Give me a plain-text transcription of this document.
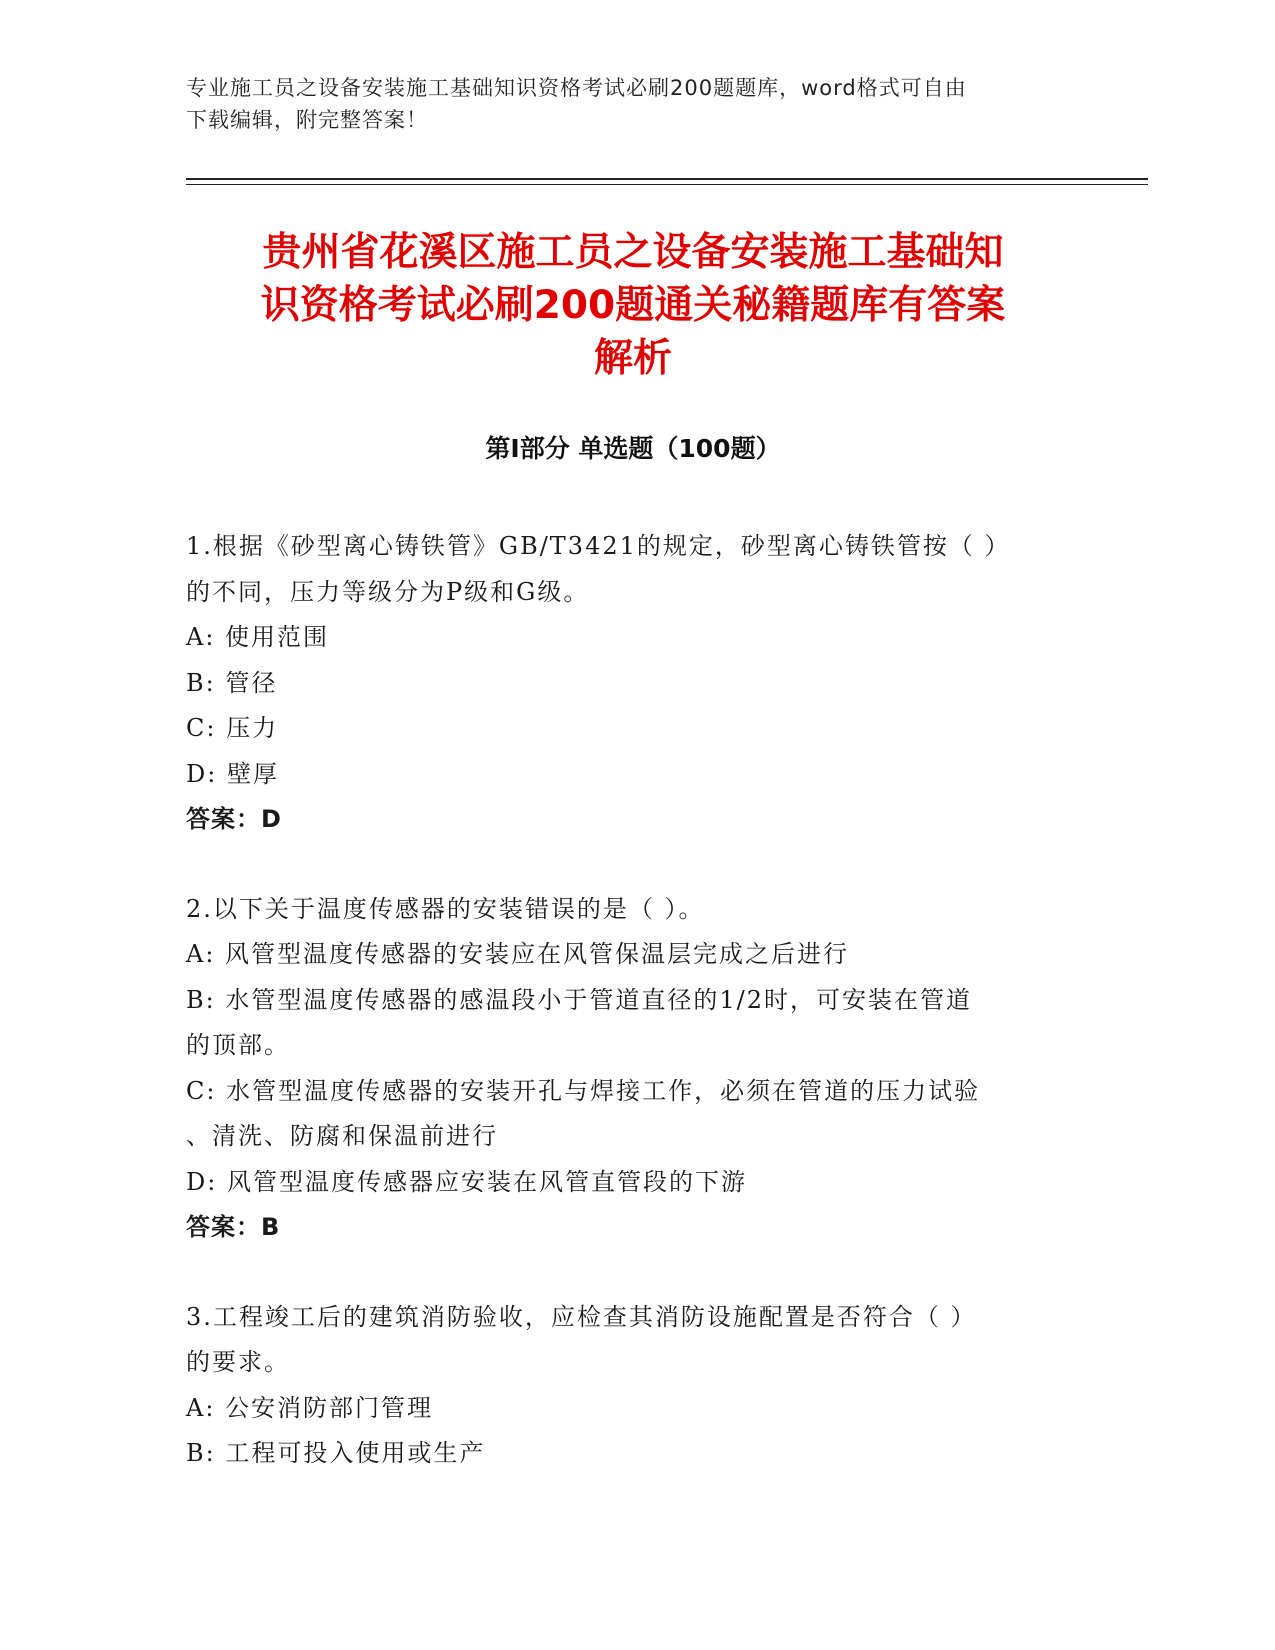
专业施工员之设备安装施工基础知识资格考试必刷200题题库，word格式可自由
下载编辑，附完整答案！
贵州省花溪区施工员之设备安装施工基础知
识资格考试必刷200题通关秘籍题库有答案
解析
第I部分 单选题（100题）

1.根据《砂型离心铸铁管》GB/T3421的规定，砂型离心铸铁管按（ ）

的不同，压力等级分为P级和G级。

A: 使用范围

B: 管径

C: 压力

D: 壁厚

答案：D

2.以下关于温度传感器的安装错误的是（ ）。

A: 风管型温度传感器的安装应在风管保温层完成之后进行

B: 水管型温度传感器的感温段小于管道直径的1/2时，可安装在管道

的顶部。

C: 水管型温度传感器的安装开孔与焊接工作，必须在管道的压力试验

、清洗、防腐和保温前进行

D: 风管型温度传感器应安装在风管直管段的下游

答案：B

3.工程竣工后的建筑消防验收，应检查其消防设施配置是否符合（ ）

的要求。

A: 公安消防部门管理

B: 工程可投入使用或生产
